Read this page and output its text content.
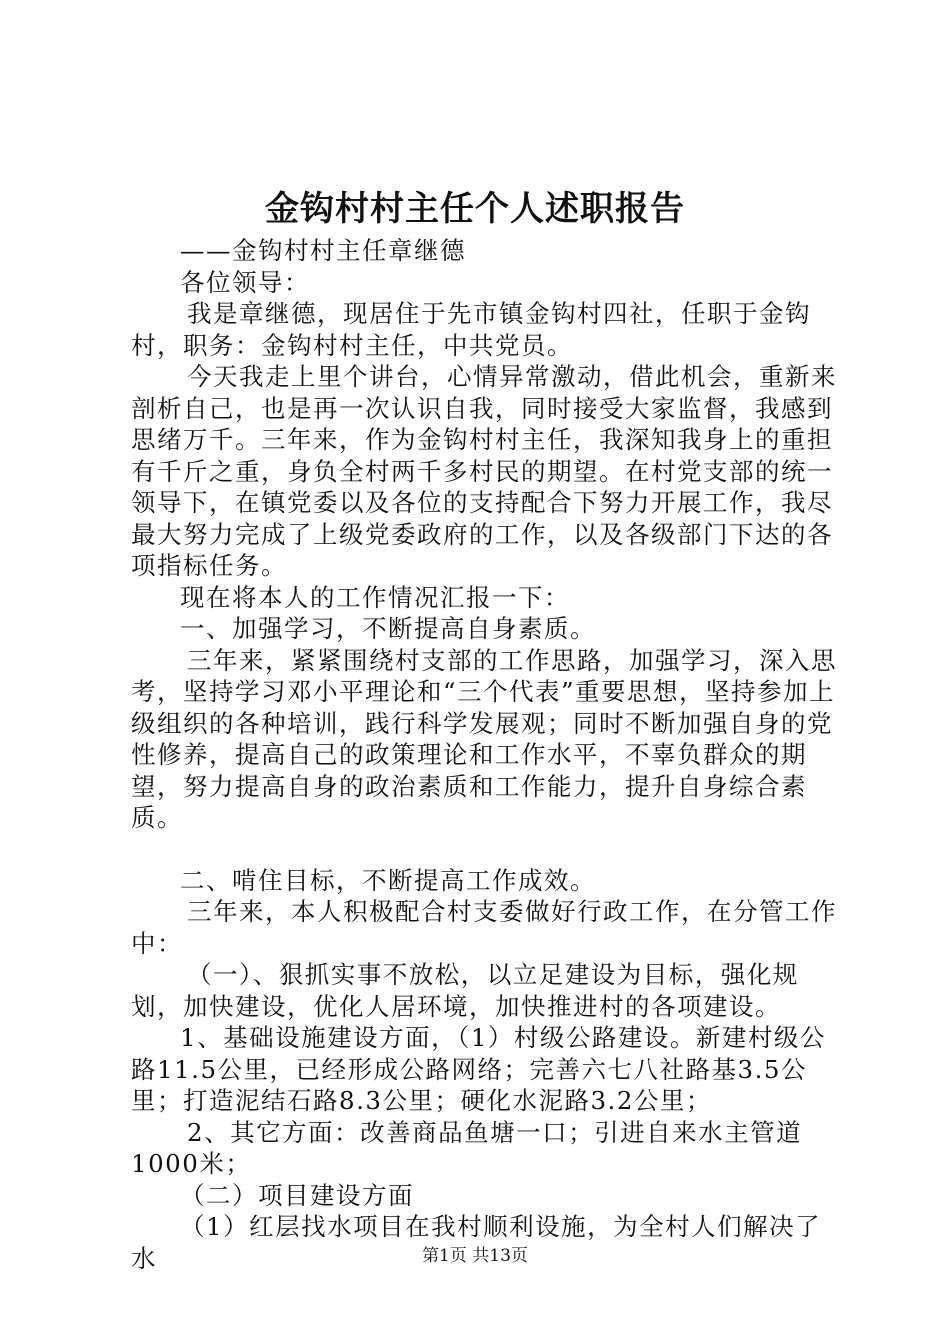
金钩村村主任个人述职报告

——金钩村村主任章继德

各位领导：

我是章继德，现居住于先市镇金钩村四社，任职于金钩村，职务：金钩村村主任，中共党员。

今天我走上里个讲台，心情异常激动，借此机会，重新来剖析自己，也是再一次认识自我，同时接受大家监督，我感到思绪万千。三年来，作为金钩村村主任，我深知我身上的重担有千斤之重，身负全村两千多村民的期望。在村党支部的统一领导下，在镇党委以及各位的支持配合下努力开展工作，我尽最大努力完成了上级党委政府的工作，以及各级部门下达的各项指标任务。

现在将本人的工作情况汇报一下：

一、加强学习，不断提高自身素质。

三年来，紧紧围绕村支部的工作思路，加强学习，深入思考，坚持学习邓小平理论和“三个代表”重要思想，坚持参加上级组织的各种培训，践行科学发展观；同时不断加强自身的党性修养，提高自己的政策理论和工作水平，不辜负群众的期望，努力提高自身的政治素质和工作能力，提升自身综合素质。

二、啃住目标，不断提高工作成效。

三年来，本人积极配合村支委做好行政工作，在分管工作中：

（一）、狠抓实事不放松，以立足建设为目标，强化规划，加快建设，优化人居环境，加快推进村的各项建设。

1、基础设施建设方面，（1）村级公路建设。新建村级公路11.5公里，已经形成公路网络；完善六七八社路基3.5公里；打造泥结石路8.3公里；硬化水泥路3.2公里；

2、其它方面：改善商品鱼塘一口；引进自来水主管道1000米；

（二）项目建设方面

（1）红层找水项目在我村顺利设施，为全村人们解决了水	第1页 共13页
